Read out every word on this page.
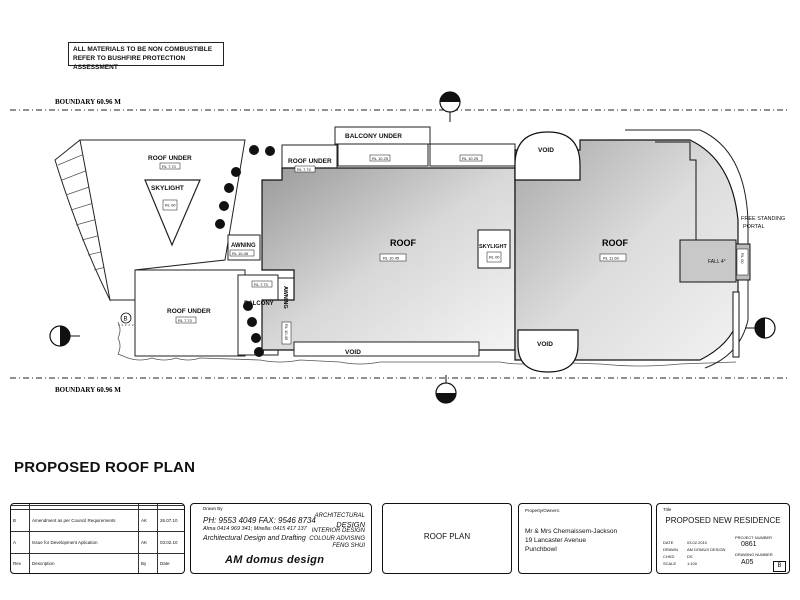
BOUNDARY 60.96 M
BOUNDARY 60.96 M
ROOF UNDER
SKYLIGHT
ROOF UNDER
BALCONY UNDER
VOID
AWNING	SKYLIGHT
FREE STANDING
PORTAL
FALL 4°
BALCONY
ROOF UNDER
VOID
VOID
ROOF	ROOF
AWNING
RL 7.70
RL 00
RL 7.70
RL 10.25	RL 10.25
RL 10.45
RL 10.45	RL 00	RL 11.60	RL 00
RL 7.70
RL 10.45
RL 7.70
B
ALL MATERIALS TO BE NON COMBUSTIBLE
REFER TO BUSHFIRE PROTECTION ASSESSMENT
PROPOSED ROOF PLAN

B	Amendment as per Council Requirements	AK	26.07.10
A	Issue for Development Aplication	AK	03.02.10
Rev	Description	By	Date
Drawn By
PH: 9553 4049 FAX: 9546 8734
Alma 0414 969 341; Mirella: 0415 417 137
Architectural Design and Drafting
ARCHITECTURAL
DESIGN
INTERIOR DESIGN
COLOUR ADVISING
FENG SHUI
AM domus design
ROOF PLAN
Property/Owners:
Mr & Mrs Chemaissem-Jackson
19 Lancaster Avenue
Punchbowl
Title
PROPOSED NEW RESIDENCE
DATE	03.02.2010
DRAWN AM DOMUS DESIGN
CHKD	DS
SCALE	1:100
PROJECT NUMBER
0861
DRAWING NUMBER
A05	B
